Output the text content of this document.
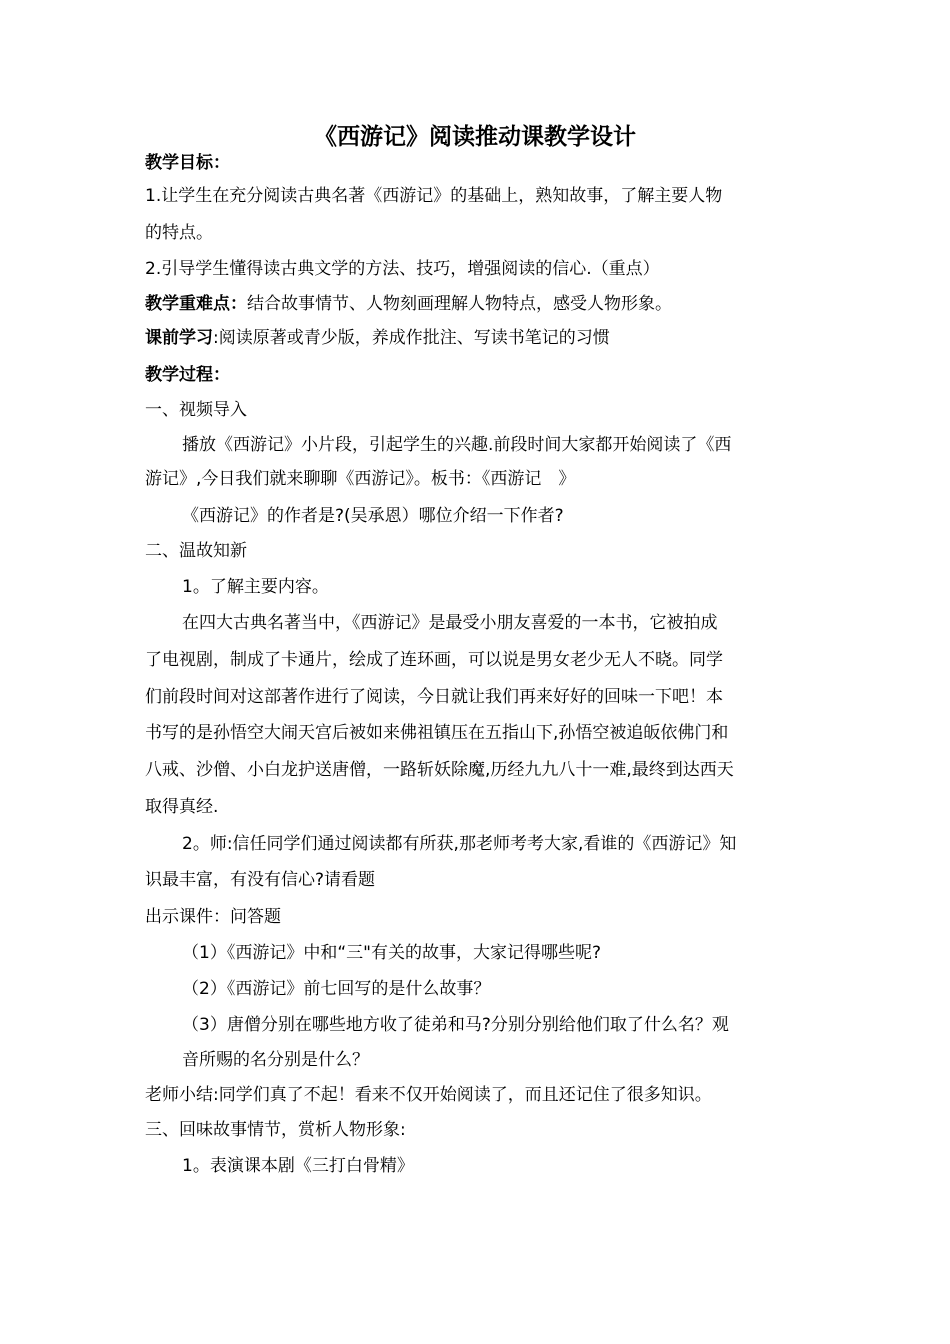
《西游记》阅读推动课教学设计
教学目标：
1.让学生在充分阅读古典名著《西游记》的基础上，熟知故事，了解主要人物
的特点。
2.引导学生懂得读古典文学的方法、技巧，增强阅读的信心.（重点）
教学重难点：结合故事情节、人物刻画理解人物特点，感受人物形象。
课前学习:阅读原著或青少版，养成作批注、写读书笔记的习惯
教学过程：
一、视频导入
播放《西游记》小片段，引起学生的兴趣.前段时间大家都开始阅读了《西
游记》,今日我们就来聊聊《西游记》。板书：《西游记　》
《西游记》的作者是?(吴承恩）哪位介绍一下作者?
二、温故知新
1。了解主要内容。
在四大古典名著当中，《西游记》是最受小朋友喜爱的一本书，它被拍成
了电视剧，制成了卡通片，绘成了连环画，可以说是男女老少无人不晓。同学
们前段时间对这部著作进行了阅读，今日就让我们再来好好的回味一下吧！本
书写的是孙悟空大闹天宫后被如来佛祖镇压在五指山下,孙悟空被追皈依佛门和
八戒、沙僧、小白龙护送唐僧，一路斩妖除魔,历经九九八十一难,最终到达西天
取得真经.
2。师:信任同学们通过阅读都有所获,那老师考考大家,看谁的《西游记》知
识最丰富，有没有信心?请看题
出示课件：问答题
（1）《西游记》中和“三"有关的故事，大家记得哪些呢?
（2）《西游记》前七回写的是什么故事？
（3）唐僧分别在哪些地方收了徒弟和马?分别分别给他们取了什么名？观
音所赐的名分别是什么？
老师小结:同学们真了不起！看来不仅开始阅读了，而且还记住了很多知识。
三、回味故事情节，赏析人物形象:
1。表演课本剧《三打白骨精》
